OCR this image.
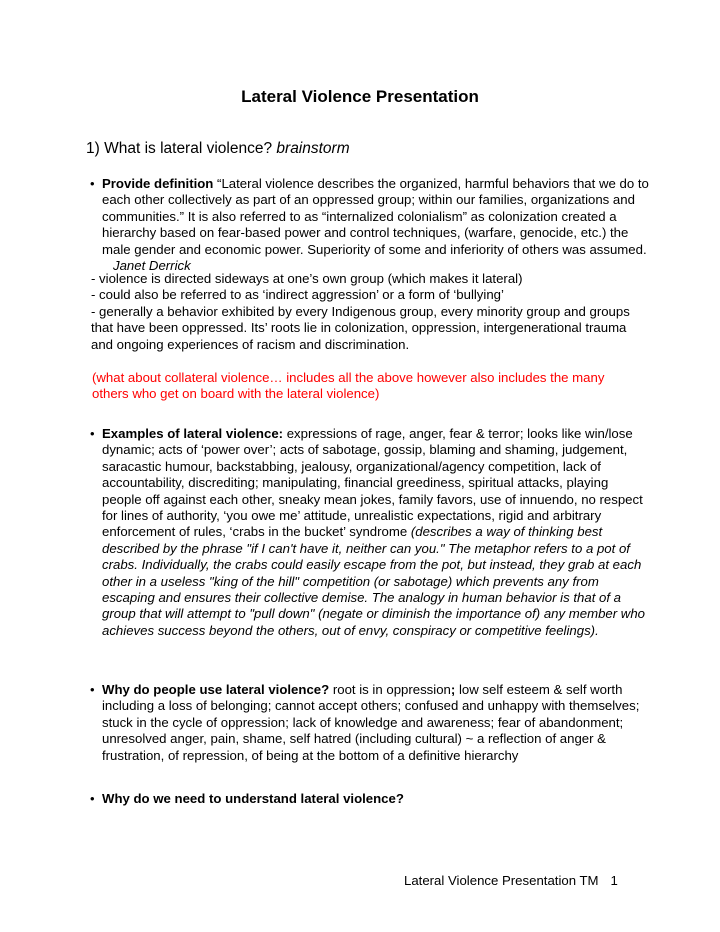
Lateral Violence Presentation
1) What is lateral violence? brainstorm
• Provide definition “Lateral violence describes the organized, harmful behaviors that we do to each other collectively as part of an oppressed group; within our families, organizations and communities.” It is also referred to as “internalized colonialism” as colonization created a hierarchy based on fear-based power and control techniques, (warfare, genocide, etc.) the male gender and economic power. Superiority of some and inferiority of others was assumed.    Janet Derrick
- violence is directed sideways at one’s own group (which makes it lateral)
- could also be referred to as ‘indirect aggression’ or a form of ‘bullying’
- generally a behavior exhibited by every Indigenous group, every minority group and groups that have been oppressed. Its’ roots lie in colonization, oppression, intergenerational trauma and ongoing experiences of racism and discrimination.
(what about collateral violence… includes all the above however also includes the many others who get on board with the lateral violence)
• Examples of lateral violence: expressions of rage, anger, fear & terror; looks like win/lose dynamic; acts of ‘power over’; acts of sabotage, gossip, blaming and shaming, judgement, saracastic humour, backstabbing, jealousy, organizational/agency competition, lack of accountability, discrediting; manipulating, financial greediness, spiritual attacks, playing people off against each other, sneaky mean jokes, family favors, use of innuendo, no respect for lines of authority, ‘you owe me’ attitude, unrealistic expectations, rigid and arbitrary enforcement of rules, ‘crabs in the bucket’ syndrome (describes a way of thinking best described by the phrase "if I can't have it, neither can you." The metaphor refers to a pot of crabs. Individually, the crabs could easily escape from the pot, but instead, they grab at each other in a useless "king of the hill" competition (or sabotage) which prevents any from escaping and ensures their collective demise. The analogy in human behavior is that of a group that will attempt to "pull down" (negate or diminish the importance of) any member who achieves success beyond the others, out of envy, conspiracy or competitive feelings).
• Why do people use lateral violence? root is in oppression; low self esteem & self worth including a loss of belonging; cannot accept others; confused and unhappy with themselves; stuck in the cycle of oppression; lack of knowledge and awareness; fear of abandonment; unresolved anger, pain, shame, self hatred (including cultural) ~ a reflection of anger & frustration, of repression, of being at the bottom of a definitive hierarchy
• Why do we need to understand lateral violence?
Lateral Violence Presentation TM 1
